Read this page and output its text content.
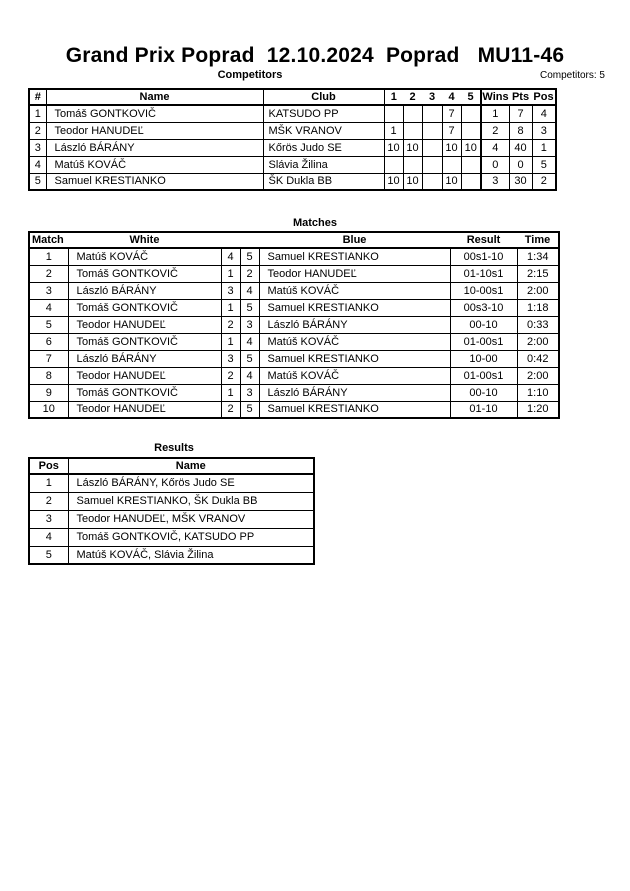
Grand Prix Poprad  12.10.2024  Poprad   MU11-46
Competitors	Competitors: 5
#	Name	Club	1	2	3	4	5	Wins	Pts	Pos
1	Tomáš GONTKOVIČ	KATSUDO PP				7		1	7	4
2	Teodor HANUDEĽ	MŠK VRANOV	1			7		2	8	3
3	László BÁRÁNY	Kőrös Judo SE	10	10		10	10	4	40	1
4	Matúš KOVÁČ	Slávia Žilina						0	0	5
5	Samuel KRESTIANKO	ŠK Dukla BB	10	10		10		3	30	2
Matches
Match	White			Blue	Result	Time
1	Matúš KOVÁČ	4	5	Samuel KRESTIANKO	00s1-10	1:34
2	Tomáš GONTKOVIČ	1	2	Teodor HANUDEĽ	01-10s1	2:15
3	László BÁRÁNY	3	4	Matúš KOVÁČ	10-00s1	2:00
4	Tomáš GONTKOVIČ	1	5	Samuel KRESTIANKO	00s3-10	1:18
5	Teodor HANUDEĽ	2	3	László BÁRÁNY	00-10	0:33
6	Tomáš GONTKOVIČ	1	4	Matúš KOVÁČ	01-00s1	2:00
7	László BÁRÁNY	3	5	Samuel KRESTIANKO	10-00	0:42
8	Teodor HANUDEĽ	2	4	Matúš KOVÁČ	01-00s1	2:00
9	Tomáš GONTKOVIČ	1	3	László BÁRÁNY	00-10	1:10
10	Teodor HANUDEĽ	2	5	Samuel KRESTIANKO	01-10	1:20
Results
Pos	Name
1	László BÁRÁNY, Kőrös Judo SE
2	Samuel KRESTIANKO, ŠK Dukla BB
3	Teodor HANUDEĽ, MŠK VRANOV
4	Tomáš GONTKOVIČ, KATSUDO PP
5	Matúš KOVÁČ, Slávia Žilina
